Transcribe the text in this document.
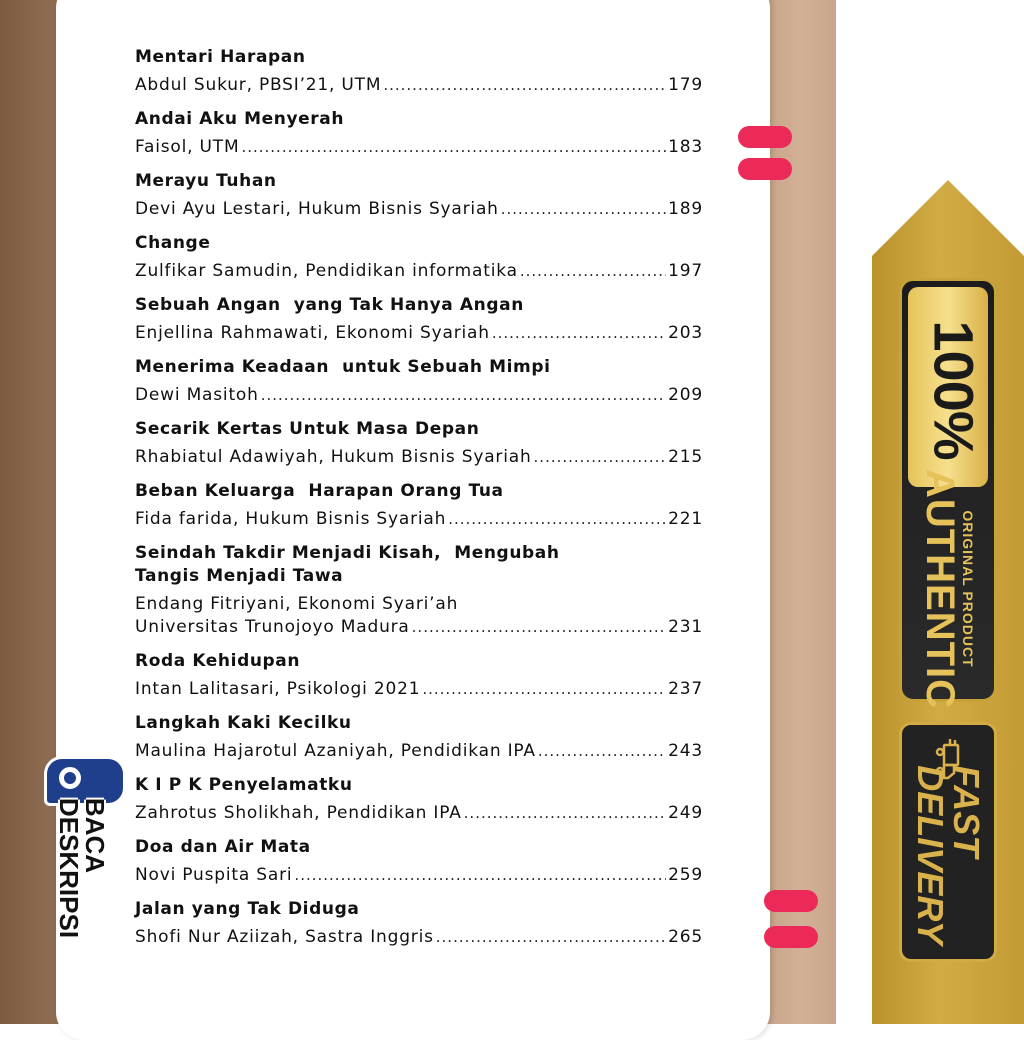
Mentari Harapan
Abdul Sukur, PBSI’21, UTM .....	179
Andai Aku Menyerah
Faisol, UTM .....	183
Merayu Tuhan
Devi Ayu Lestari, Hukum Bisnis Syariah .....	189
Change
Zulfikar Samudin, Pendidikan informatika .....	197
Sebuah Angan  yang Tak Hanya Angan
Enjellina Rahmawati, Ekonomi Syariah .....	203
Menerima Keadaan  untuk Sebuah Mimpi
Dewi Masitoh .....	209
Secarik Kertas Untuk Masa Depan
Rhabiatul Adawiyah, Hukum Bisnis Syariah .....	215
Beban Keluarga  Harapan Orang Tua
Fida farida, Hukum Bisnis Syariah .....	221
Seindah Takdir Menjadi Kisah,  Mengubah
Tangis Menjadi Tawa
Endang Fitriyani, Ekonomi Syari’ah
Universitas Trunojoyo Madura .....	231
Roda Kehidupan
Intan Lalitasari, Psikologi 2021 .....	237
Langkah Kaki Kecilku
Maulina Hajarotul Azaniyah, Pendidikan IPA .....	243
K I P K Penyelamatku
Zahrotus Sholikhah, Pendidikan IPA .....	249
Doa dan Air Mata
Novi Puspita Sari .....	259
Jalan yang Tak Diduga
Shofi Nur Aziizah, Sastra Inggris .....	265
100%
ORIGINAL PRODUCT
AUTHENTIC
FAST
DELIVERY
BACA
DESKRIPSI
